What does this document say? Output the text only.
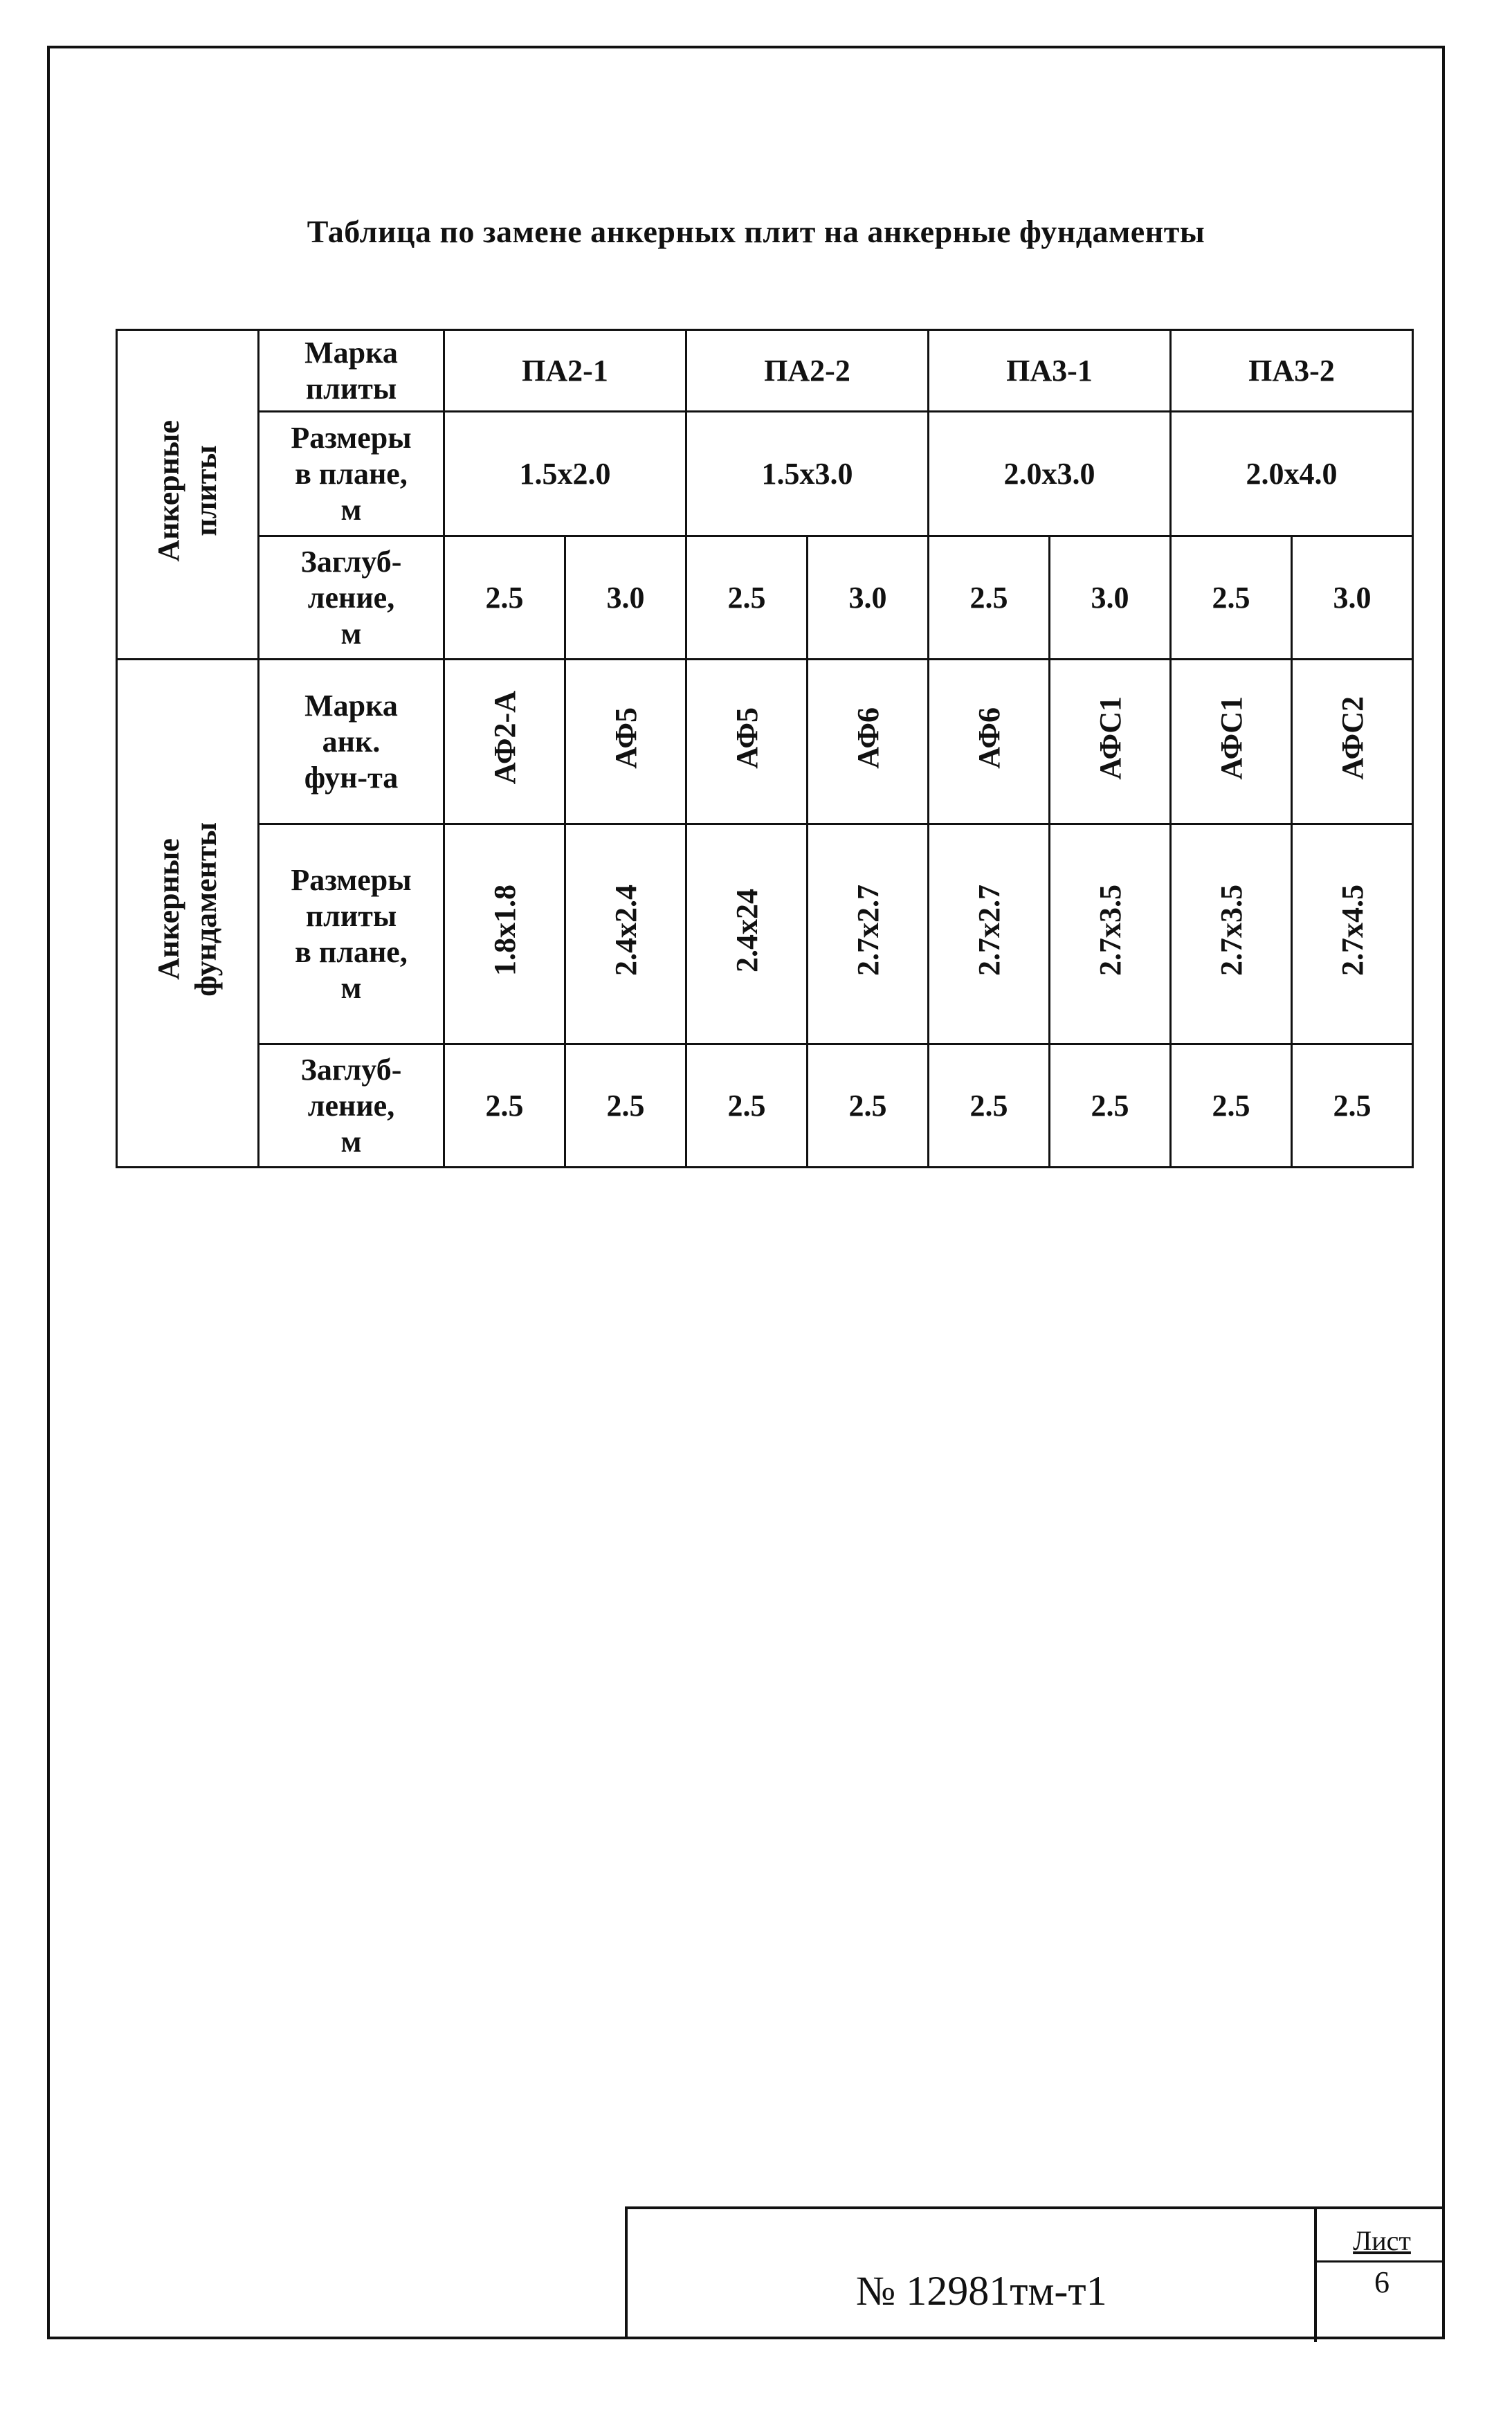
Таблица по замене анкерных плит на анкерные фундаменты
Анкерные плиты	Марка
плиты	ПА2-1		ПА2-2		ПА3-1		ПА3-2	

	Размеры
в плане,
м	1.5x2.0		1.5x3.0		2.0x3.0		2.0x4.0	

	Заглуб-
ление,
м	2.5	3.0	2.5	3.0	2.5	3.0	2.5	3.0

Анкерные фундаменты	Марка
анк.
фун-та	АФ2-А	АФ5	АФ5	АФ6	АФ6	АФС1	АФС1	АФС2

	Размеры
плиты
в плане,
м	1.8x1.8	2.4x2.4	2.4x24	2.7x2.7	2.7x2.7	2.7x3.5	2.7x3.5	2.7x4.5

	Заглуб-
ление,
м	2.5	2.5	2.5	2.5	2.5	2.5	2.5	2.5
№ 12981тм-т1
Лист
6
